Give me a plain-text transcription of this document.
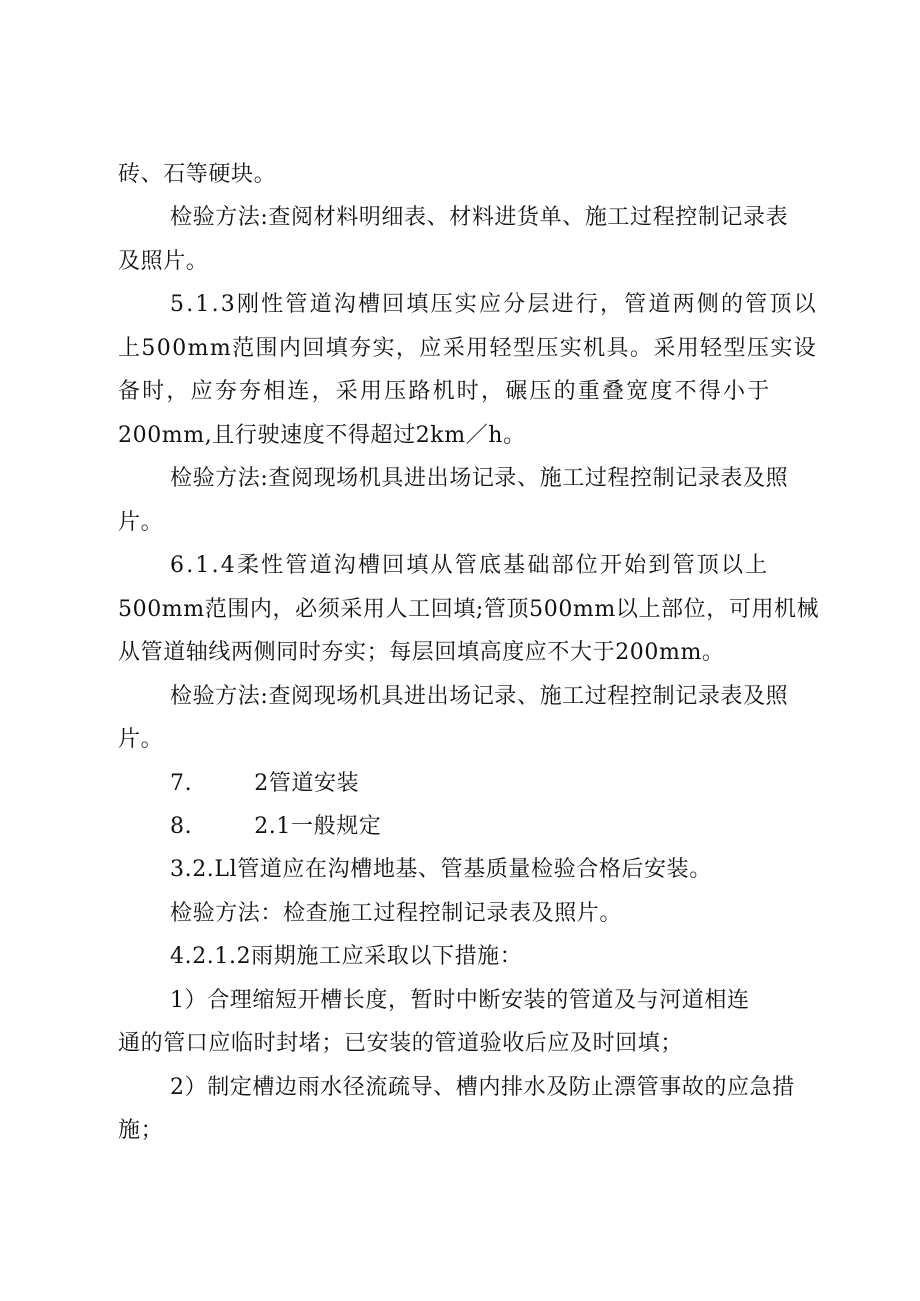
砖、石等硬块。
检验方法:查阅材料明细表、材料进货单、施工过程控制记录表
及照片。
5.1.3刚性管道沟槽回填压实应分层进行，管道两侧的管顶以
上500mm范围内回填夯实，应采用轻型压实机具。采用轻型压实设
备时，应夯夯相连，采用压路机时，碾压的重叠宽度不得小于
200mm,且行驶速度不得超过2km／h。
检验方法:查阅现场机具进出场记录、施工过程控制记录表及照
片。
6.1.4柔性管道沟槽回填从管底基础部位开始到管顶以上
500mm范围内，必须采用人工回填;管顶500mm以上部位，可用机械
从管道轴线两侧同时夯实；每层回填高度应不大于200mm。
检验方法:查阅现场机具进出场记录、施工过程控制记录表及照
片。
7.	2管道安装
8.	2.1一般规定
3.2.Ll管道应在沟槽地基、管基质量检验合格后安装。
检验方法：检查施工过程控制记录表及照片。
4.2.1.2雨期施工应采取以下措施：
1）合理缩短开槽长度，暂时中断安装的管道及与河道相连
通的管口应临时封堵；已安装的管道验收后应及时回填；
2）制定槽边雨水径流疏导、槽内排水及防止漂管事故的应急措
施；
